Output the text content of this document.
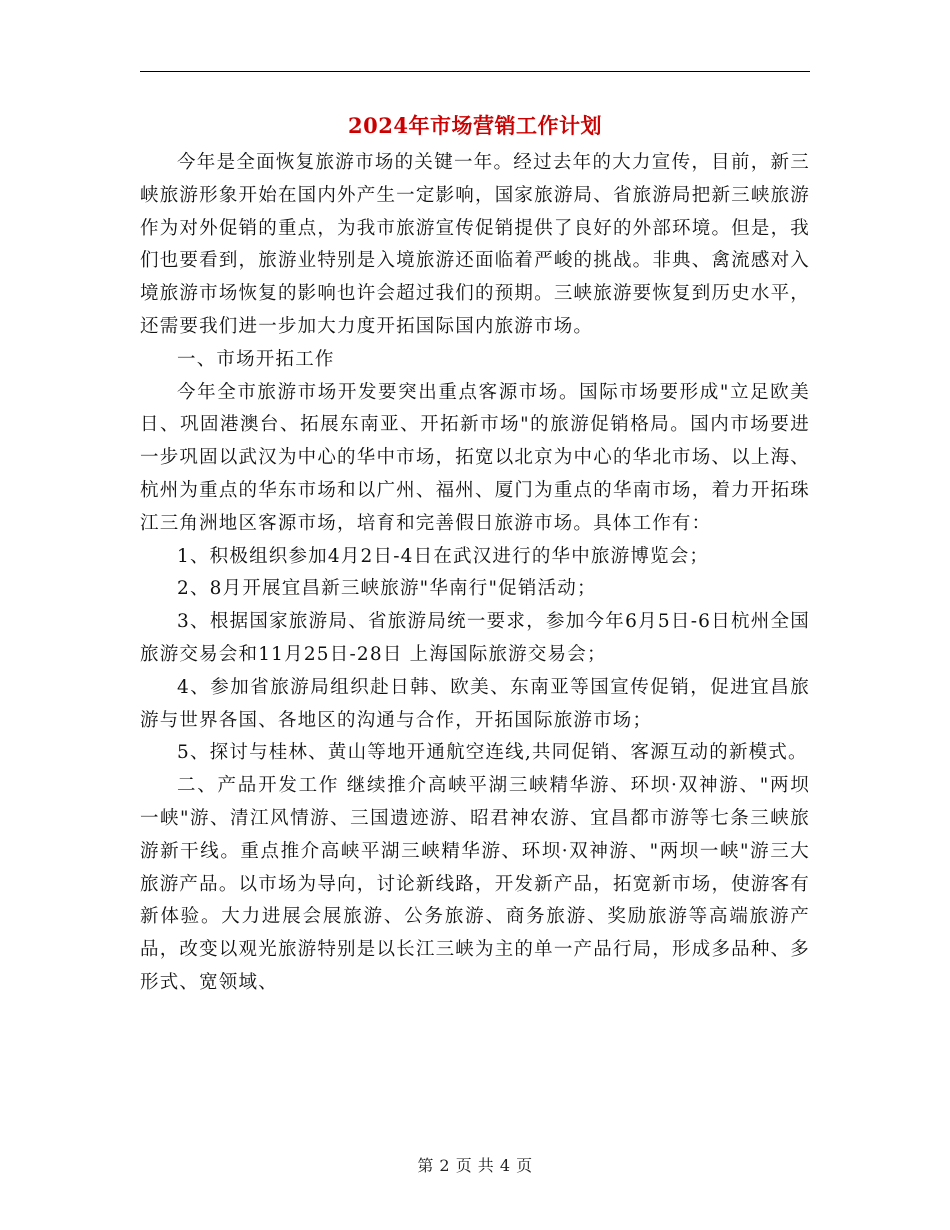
2024年市场营销工作计划

今年是全面恢复旅游市场的关键一年。经过去年的大力宣传，目前，新三峡旅游形象开始在国内外产生一定影响，国家旅游局、省旅游局把新三峡旅游作为对外促销的重点，为我市旅游宣传促销提供了良好的外部环境。但是，我们也要看到，旅游业特别是入境旅游还面临着严峻的挑战。非典、禽流感对入境旅游市场恢复的影响也许会超过我们的预期。三峡旅游要恢复到历史水平，还需要我们进一步加大力度开拓国际国内旅游市场。

一、市场开拓工作

今年全市旅游市场开发要突出重点客源市场。国际市场要形成"立足欧美日、巩固港澳台、拓展东南亚、开拓新市场"的旅游促销格局。国内市场要进一步巩固以武汉为中心的华中市场，拓宽以北京为中心的华北市场、以上海、杭州为重点的华东市场和以广州、福州、厦门为重点的华南市场，着力开拓珠江三角洲地区客源市场，培育和完善假日旅游市场。具体工作有：

1、积极组织参加4月2日-4日在武汉进行的华中旅游博览会；

2、8月开展宜昌新三峡旅游"华南行"促销活动；

3、根据国家旅游局、省旅游局统一要求，参加今年6月5日-6日杭州全国旅游交易会和11月25日-28日 上海国际旅游交易会；

4、参加省旅游局组织赴日韩、欧美、东南亚等国宣传促销，促进宜昌旅游与世界各国、各地区的沟通与合作，开拓国际旅游市场；

5、探讨与桂林、黄山等地开通航空连线,共同促销、客源互动的新模式。

二、产品开发工作 继续推介高峡平湖三峡精华游、环坝·双神游、"两坝一峡"游、清江风情游、三国遗迹游、昭君神农游、宜昌都市游等七条三峡旅游新干线。重点推介高峡平湖三峡精华游、环坝·双神游、"两坝一峡"游三大旅游产品。以市场为导向，讨论新线路，开发新产品，拓宽新市场，使游客有新体验。大力进展会展旅游、公务旅游、商务旅游、奖励旅游等高端旅游产品，改变以观光旅游特别是以长江三峡为主的单一产品行局，形成多品种、多形式、宽领域、

第 2 页 共 4 页
